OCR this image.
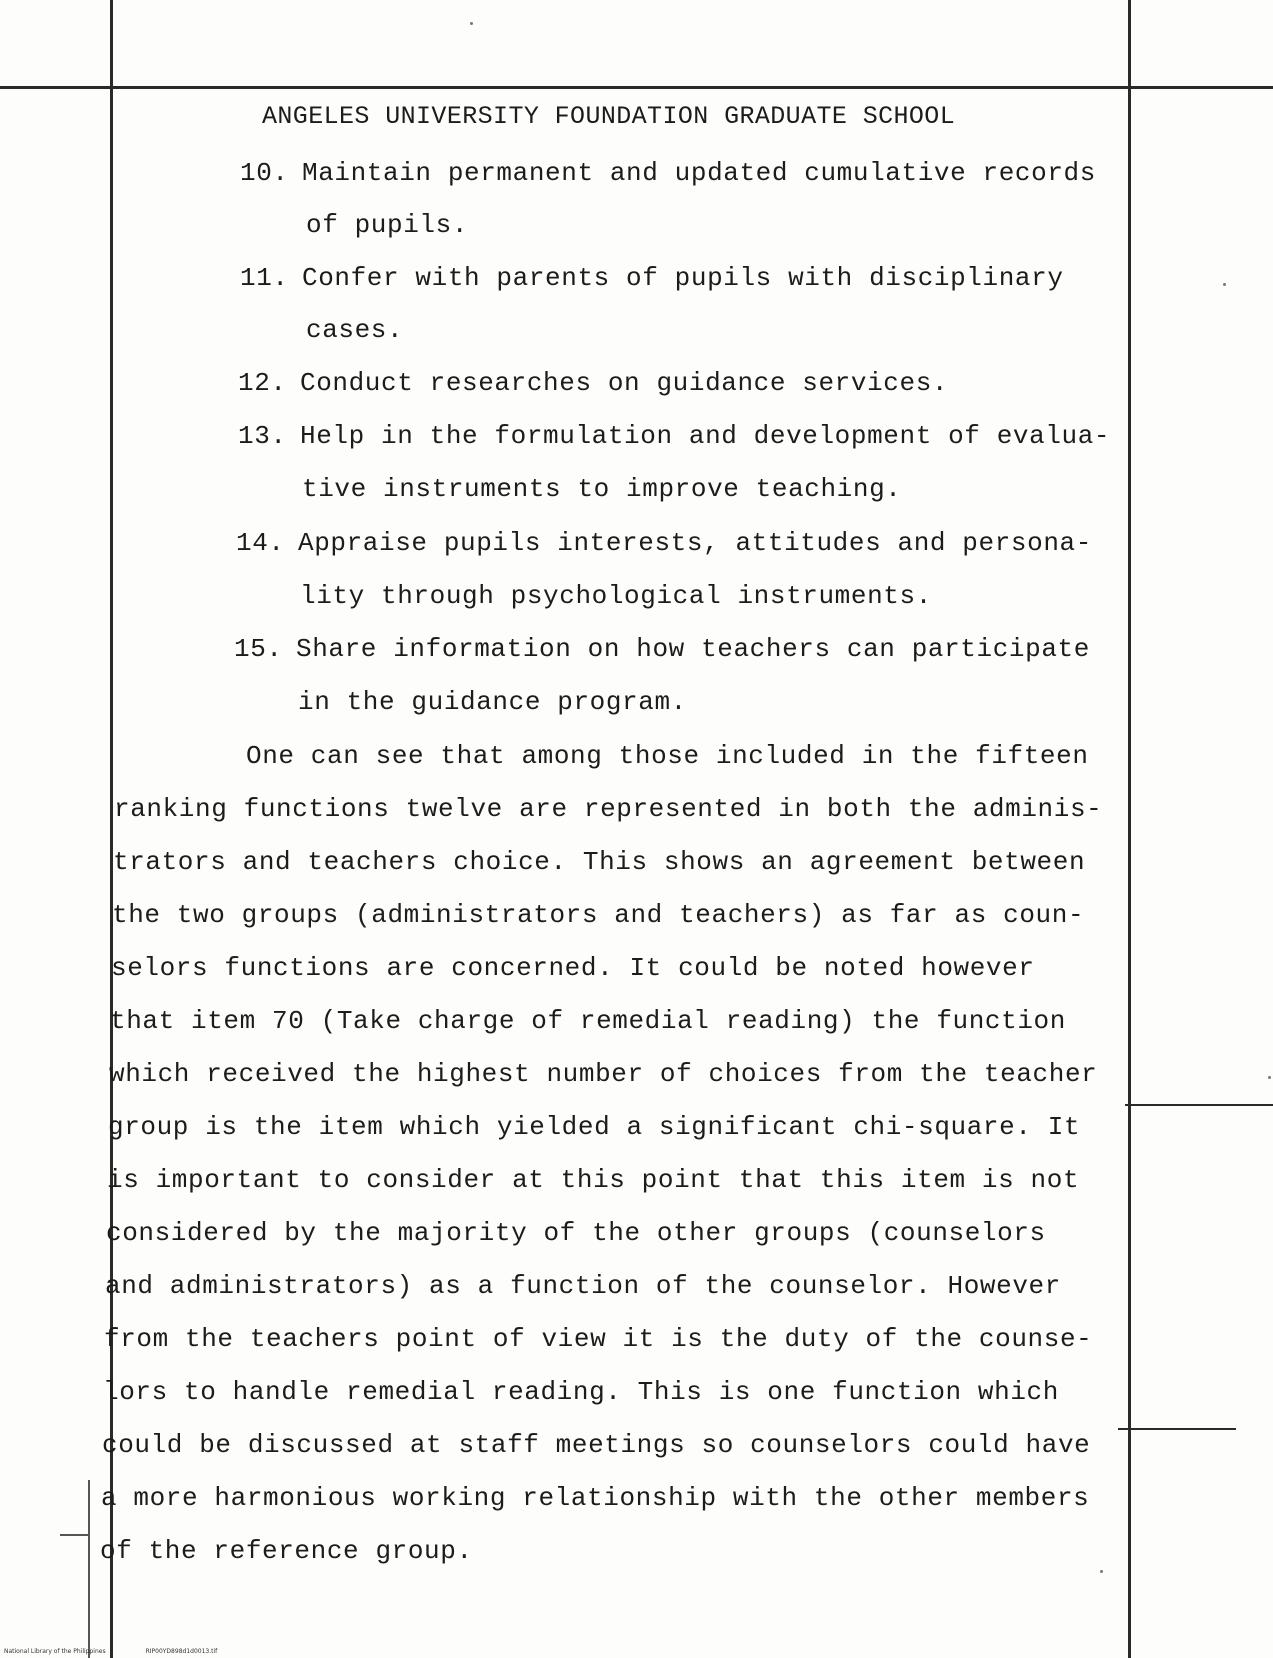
ANGELES UNIVERSITY FOUNDATION GRADUATE SCHOOL
10. Maintain permanent and updated cumulative records
of pupils.
11. Confer with parents of pupils with disciplinary
cases.
12. Conduct researches on guidance services.
13. Help in the formulation and development of evalua-
tive instruments to improve teaching.
14. Appraise pupils interests, attitudes and persona-
lity through psychological instruments.
15. Share information on how teachers can participate
in the guidance program.
One can see that among those included in the fifteen
ranking functions twelve are represented in both the adminis-
trators and teachers choice. This shows an agreement between
the two groups (administrators and teachers) as far as coun-
selors functions are concerned. It could be noted however
that item 70 (Take charge of remedial reading) the function
which received the highest number of choices from the teacher
group is the item which yielded a significant chi-square. It
is important to consider at this point that this item is not
considered by the majority of the other groups (counselors
and administrators) as a function of the counselor. However
from the teachers point of view it is the duty of the counse-
lors to handle remedial reading. This is one function which
could be discussed at staff meetings so counselors could have
a more harmonious working relationship with the other members
of the reference group.
National Library of the Philippines	RIP00YD898d1d0013.tif
